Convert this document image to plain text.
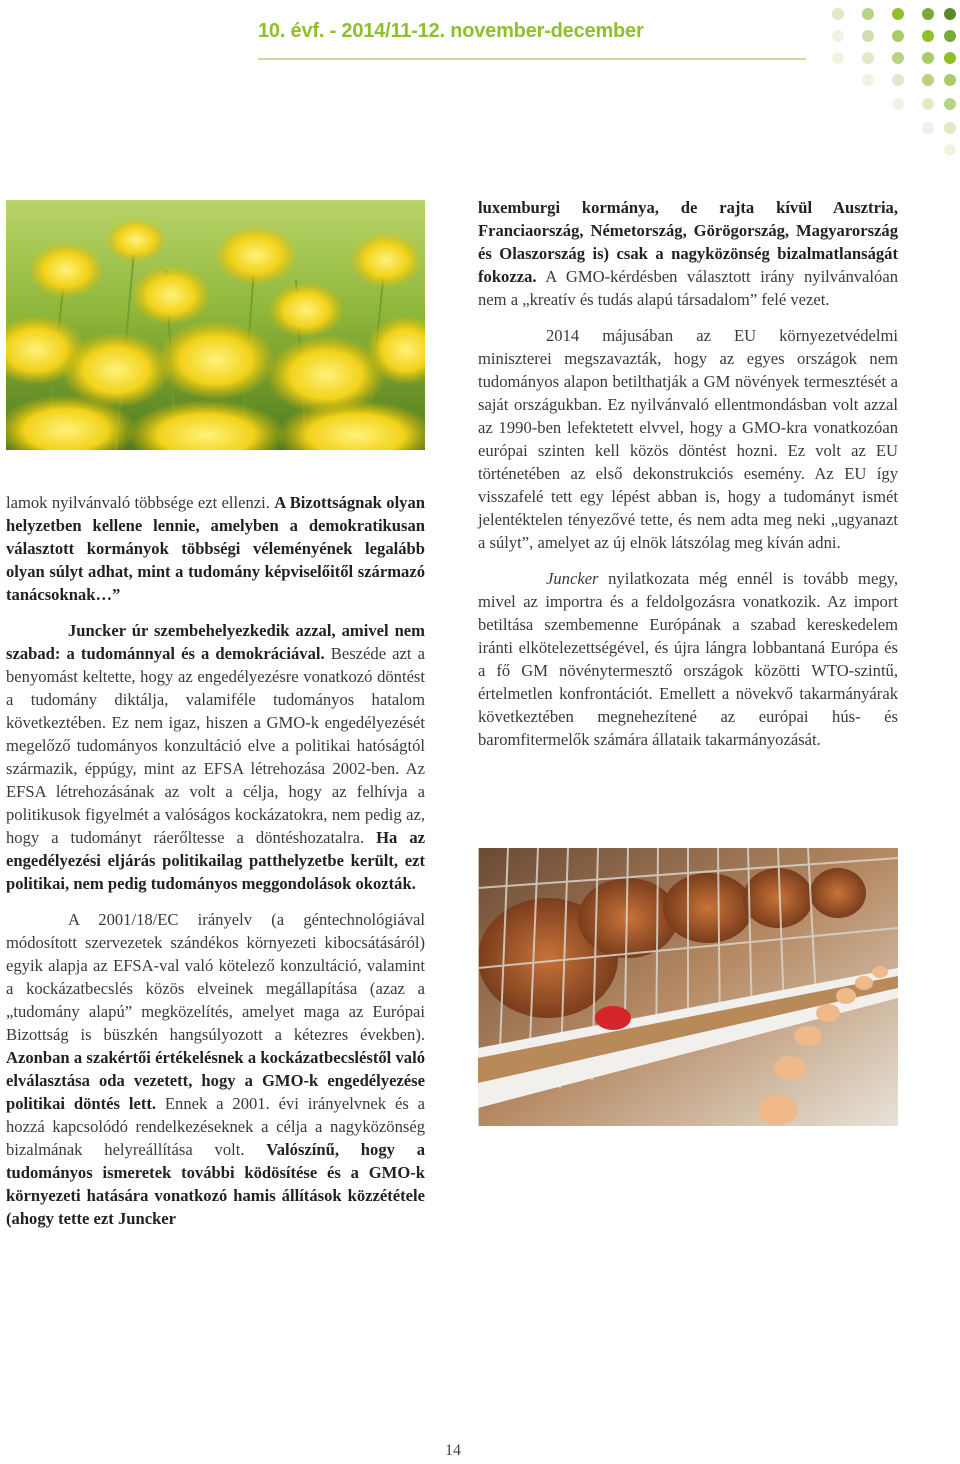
10. évf. - 2014/11-12. november-december

lamok nyilvánvaló többsége ezt ellenzi. A Bizottságnak olyan helyzetben kellene lennie, amelyben a demokratikusan választott kormányok többségi véleményének legalább olyan súlyt adhat, mint a tudomány képviselőitől származó tanácsoknak…”

Juncker úr szembehelyezkedik azzal, amivel nem szabad: a tudománnyal és a demokráciával. Beszéde azt a benyomást keltette, hogy az engedélyezésre vonatkozó döntést a tudomány diktálja, valamiféle tudományos hatalom következtében. Ez nem igaz, hiszen a GMO-k engedélyezését megelőző tudományos konzultáció elve a politikai hatóságtól származik, éppúgy, mint az EFSA létrehozása 2002-ben. Az EFSA létrehozásának az volt a célja, hogy az felhívja a politikusok figyelmét a valóságos kockázatokra, nem pedig az, hogy a tudományt ráerőltesse a döntéshozatalra. Ha az engedélyezési eljárás politikailag patthelyzetbe került, ezt politikai, nem pedig tudományos meggondolások okozták.

A 2001/18/EC irányelv (a géntechnológiával módosított szervezetek szándékos környezeti kibocsátásáról) egyik alapja az EFSA-val való kötelező konzultáció, valamint a kockázatbecslés közös elveinek megállapítása (azaz a „tudomány alapú” megközelítés, amelyet maga az Európai Bizottság is büszkén hangsúlyozott a kétezres években). Azonban a szakértői értékelésnek a kockázatbecsléstől való elválasztása oda vezetett, hogy a GMO-k engedélyezése politikai döntés lett. Ennek a 2001. évi irányelvnek és a hozzá kapcsolódó rendelkezéseknek a célja a nagyközönség bizalmának helyreállítása volt. Valószínű, hogy a tudományos ismeretek további ködösítése és a GMO-k környezeti hatására vonatkozó hamis állítások közzététele (ahogy tette ezt Juncker

luxemburgi kormánya, de rajta kívül Ausztria, Franciaország, Németország, Görögország, Magyarország és Olaszország is) csak a nagyközönség bizalmatlanságát fokozza. A GMO-kérdésben választott irány nyilvánvalóan nem a „kreatív és tudás alapú társadalom” felé vezet.

2014 májusában az EU környezetvédelmi miniszterei megszavazták, hogy az egyes országok nem tudományos alapon betilthatják a GM növények termesztését a saját országukban. Ez nyilvánvaló ellentmondásban volt azzal az 1990-ben lefektetett elvvel, hogy a GMO-kra vonatkozóan európai szinten kell közös döntést hozni. Ez volt az EU történetében az első dekonstrukciós esemény. Az EU így visszafelé tett egy lépést abban is, hogy a tudományt ismét jelentéktelen tényezővé tette, és nem adta meg neki „ugyanazt a súlyt”, amelyet az új elnök látszólag meg kíván adni.

Juncker nyilatkozata még ennél is tovább megy, mivel az importra és a feldolgozásra vonatkozik. Az import betiltása szembemenne Európának a szabad kereskedelem iránti elkötelezettségével, és újra lángra lobbantaná Európa és a fő GM növénytermesztő országok közötti WTO-szintű, értelmetlen konfrontációt. Emellett a növekvő takarmányárak következtében megnehezítené az európai hús- és baromfitermelők számára állataik takarmányozását.

14
